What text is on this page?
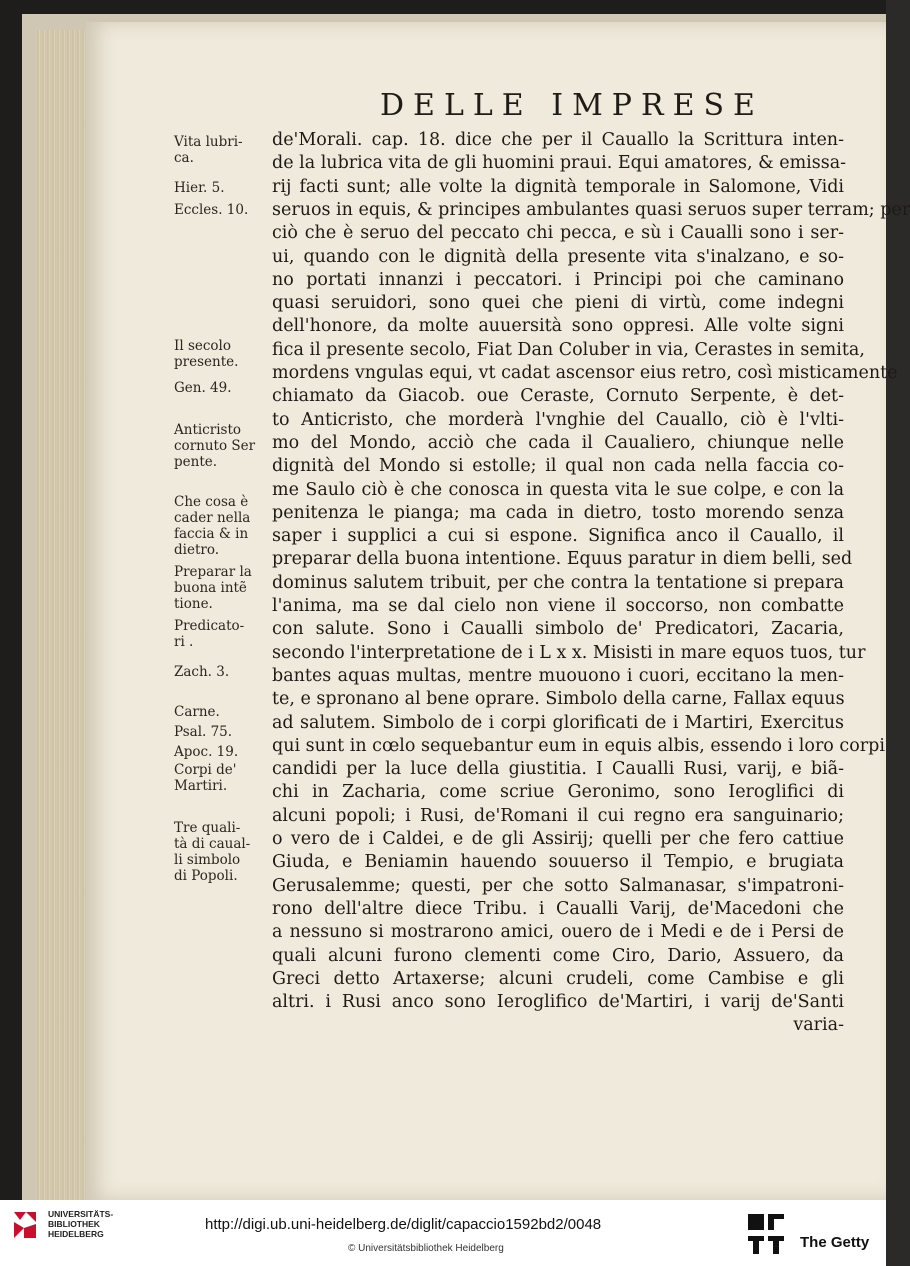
DELLE IMPRESE
Vita lubri-
ca.
Hier. 5.
Eccles. 10.
Il secolo
presente.
Gen. 49.
Anticristo
cornuto Ser
pente.
Che cosa è
cader nella
faccia & in
dietro.
Preparar la
buona intẽ
tione.
Predicato-
ri .
Zach. 3.
Carne.
Psal. 75.
Apoc. 19.
Corpi de'
Martiri.
Tre quali-
tà di caual-
li simbolo
di Popoli.
de'Morali. cap. 18. dice che per il Cauallo la Scrittura inten-
de la lubrica vita de gli huomini praui. Equi amatores, & emissa-
rij facti sunt; alle volte la dignità temporale in Salomone, Vidi
seruos in equis, & principes ambulantes quasi seruos super terram; per
ciò che è seruo del peccato chi pecca, e sù i Caualli sono i ser-
ui, quando con le dignità della presente vita s'inalzano, e so-
no portati innanzi i peccatori. i Principi poi che caminano
quasi seruidori, sono quei che pieni di virtù, come indegni
dell'honore, da molte auuersità sono oppresi. Alle volte signi
fica il presente secolo, Fiat Dan Coluber in via, Cerastes in semita,
mordens vngulas equi, vt cadat ascensor eius retro, così misticamente
chiamato da Giacob. oue Ceraste, Cornuto Serpente, è det-
to Anticristo, che morderà l'vnghie del Cauallo, ciò è l'vlti-
mo del Mondo, acciò che cada il Caualiero, chiunque nelle
dignità del Mondo si estolle; il qual non cada nella faccia co-
me Saulo ciò è che conosca in questa vita le sue colpe, e con la
penitenza le pianga; ma cada in dietro, tosto morendo senza
saper i supplici a cui si espone. Significa anco il Cauallo, il
preparar della buona intentione. Equus paratur in diem belli, sed
dominus salutem tribuit, per che contra la tentatione si prepara
l'anima, ma se dal cielo non viene il soccorso, non combatte
con salute. Sono i Caualli simbolo de' Predicatori, Zacaria,
secondo l'interpretatione de i L x x. Misisti in mare equos tuos, tur
bantes aquas multas, mentre muouono i cuori, eccitano la men-
te, e spronano al bene oprare. Simbolo della carne, Fallax equus
ad salutem. Simbolo de i corpi glorificati de i Martiri, Exercitus
qui sunt in cœlo sequebantur eum in equis albis, essendo i loro corpi
candidi per la luce della giustitia. I Caualli Rusi, varij, e biã-
chi in Zacharia, come scriue Geronimo, sono Ieroglifici di
alcuni popoli; i Rusi, de'Romani il cui regno era sanguinario;
o vero de i Caldei, e de gli Assirij; quelli per che fero cattiue
Giuda, e Beniamin hauendo souuerso il Tempio, e brugiata
Gerusalemme; questi, per che sotto Salmanasar, s'impatroni-
rono dell'altre diece Tribu. i Caualli Varij, de'Macedoni che
a nessuno si mostrarono amici, ouero de i Medi e de i Persi de
quali alcuni furono clementi come Ciro, Dario, Assuero, da
Greci detto Artaxerse; alcuni crudeli, come Cambise e gli
altri. i Rusi anco sono Ieroglifico de'Martiri, i varij de'Santi
varia-
UNIVERSITÄTS-
BIBLIOTHEK
HEIDELBERG
http://digi.ub.uni-heidelberg.de/diglit/capaccio1592bd2/0048
© Universitätsbibliothek Heidelberg	The Getty
